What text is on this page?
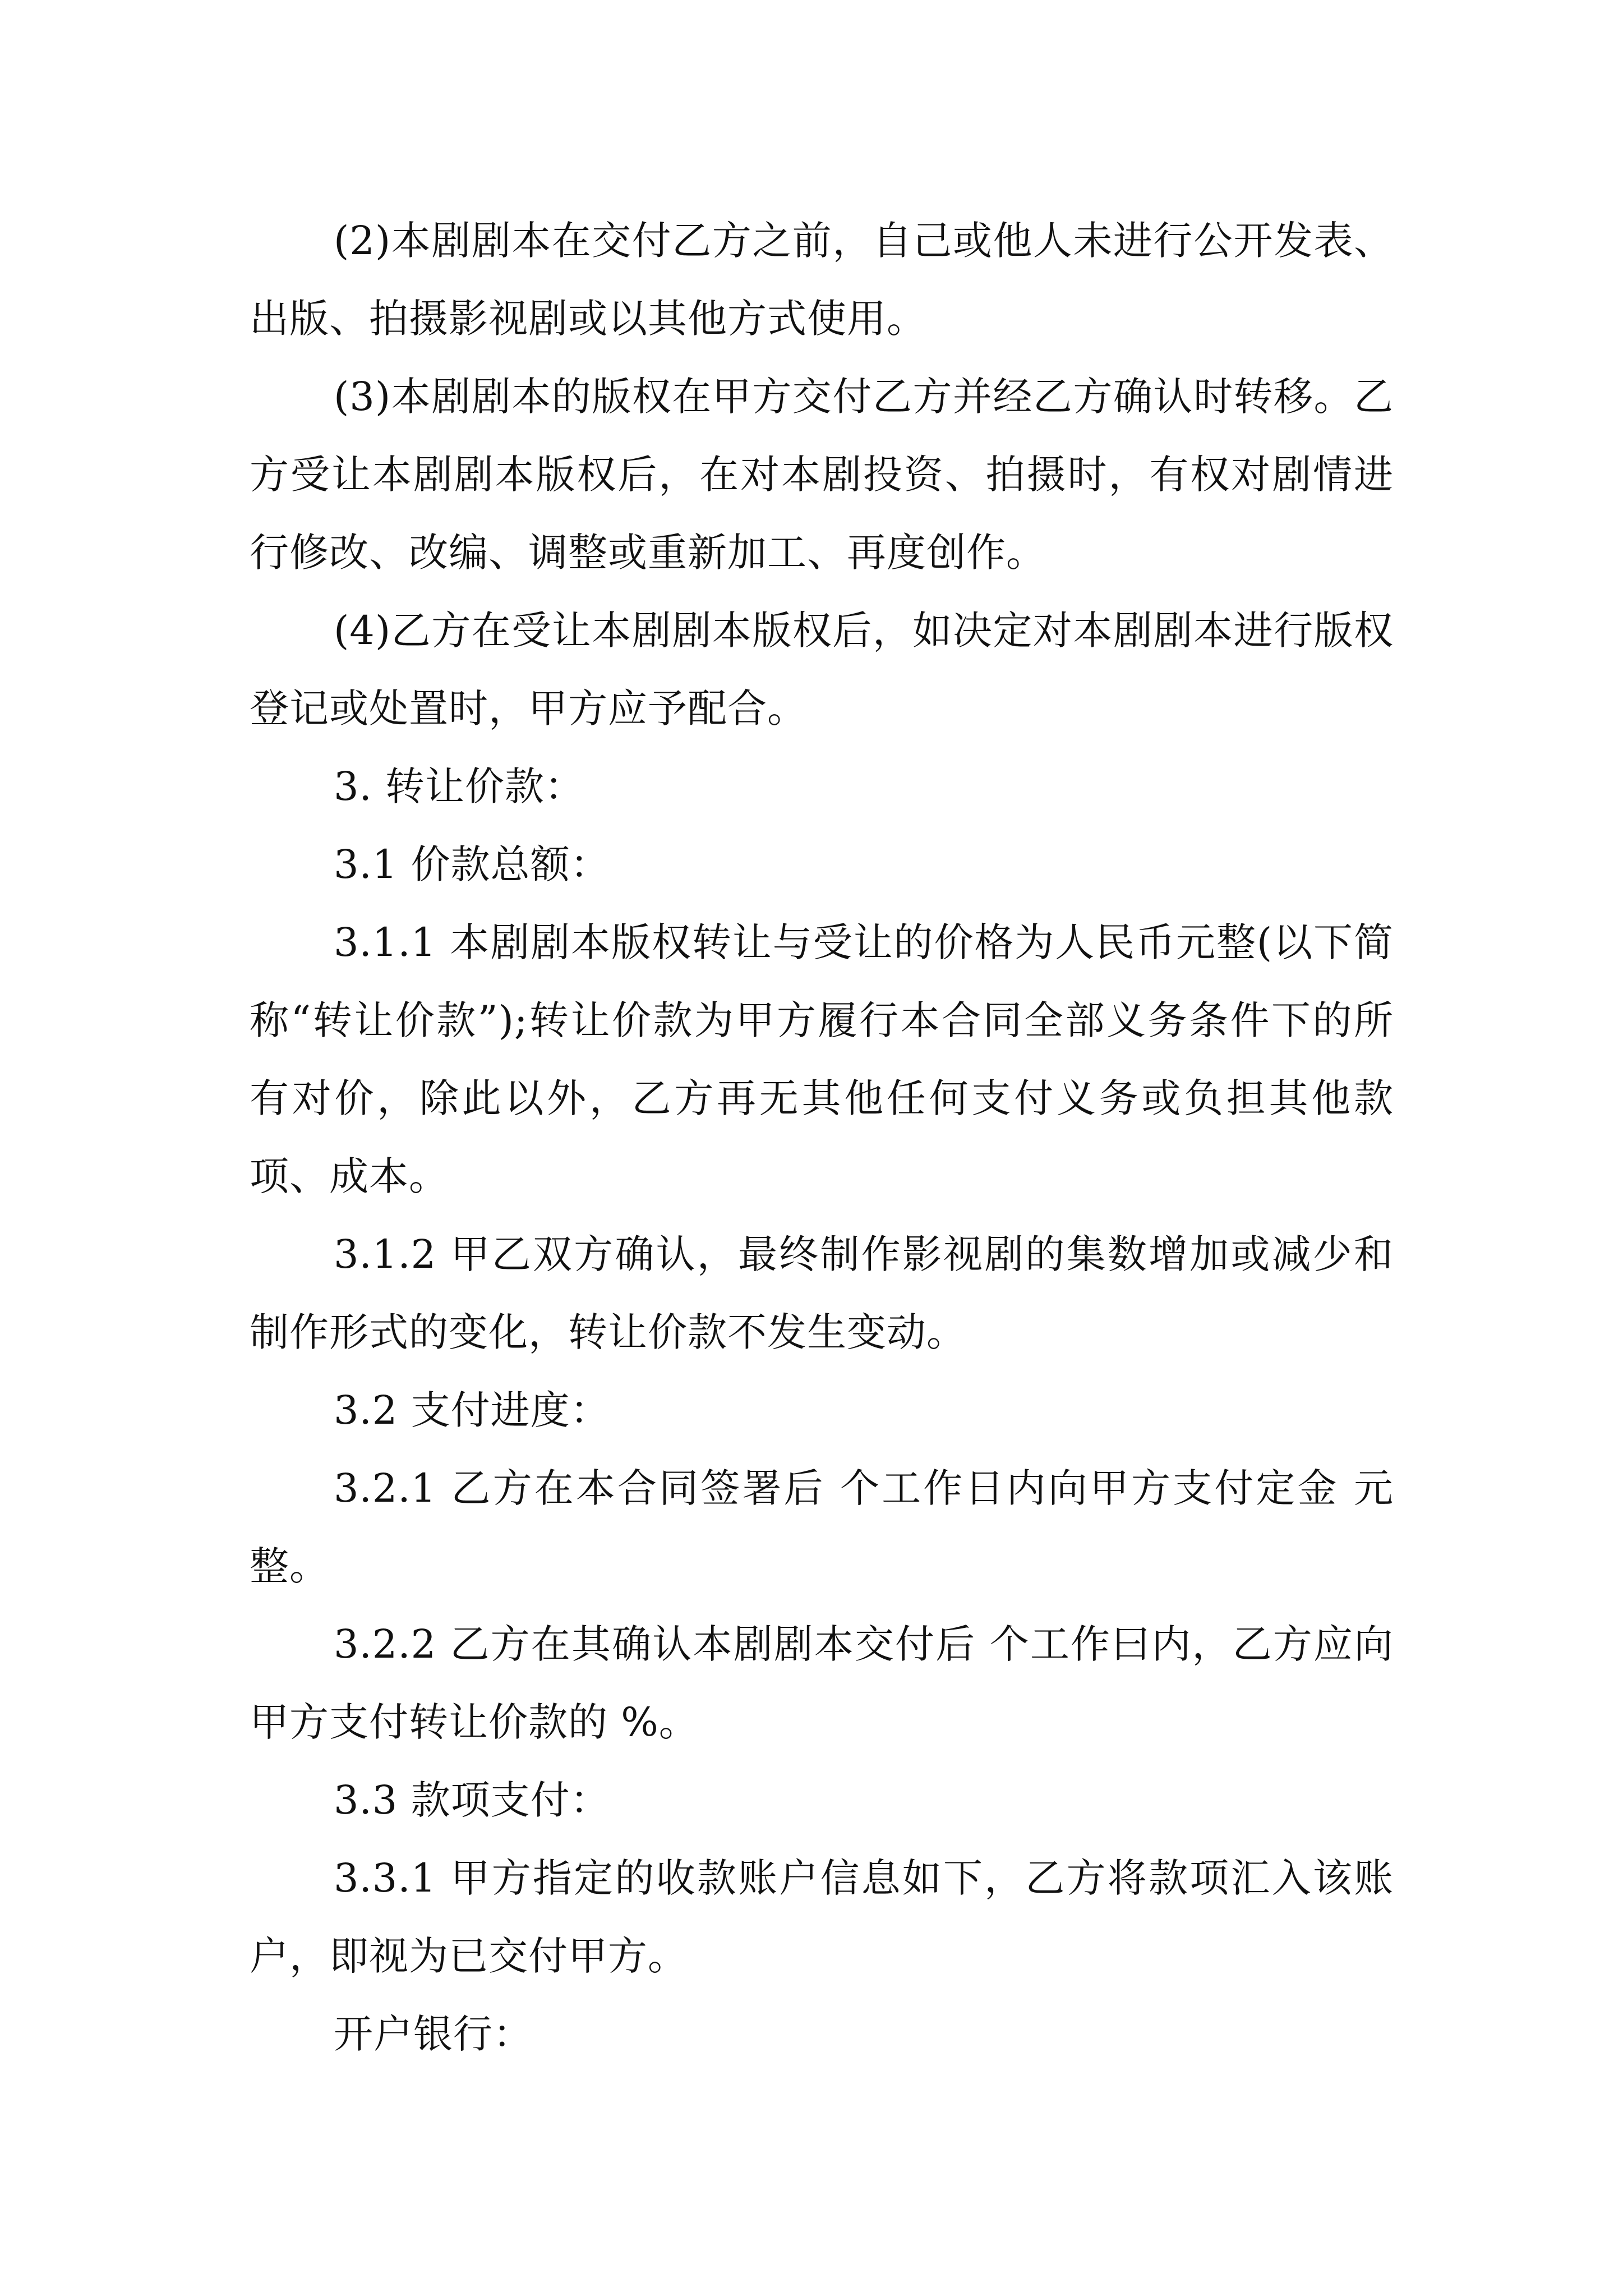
(2)本剧剧本在交付乙方之前，自己或他人未进行公开发表、出版、拍摄影视剧或以其他方式使用。

(3)本剧剧本的版权在甲方交付乙方并经乙方确认时转移。乙方受让本剧剧本版权后，在对本剧投资、拍摄时，有权对剧情进行修改、改编、调整或重新加工、再度创作。

(4)乙方在受让本剧剧本版权后，如决定对本剧剧本进行版权登记或处置时，甲方应予配合。

3. 转让价款：

3.1 价款总额：

3.1.1 本剧剧本版权转让与受让的价格为人民币元整(以下简称“转让价款”);转让价款为甲方履行本合同全部义务条件下的所有对价，除此以外，乙方再无其他任何支付义务或负担其他款项、成本。

3.1.2 甲乙双方确认，最终制作影视剧的集数增加或减少和制作形式的变化，转让价款不发生变动。

3.2 支付进度：

3.2.1 乙方在本合同签署后 个工作日内向甲方支付定金 元整。

3.2.2 乙方在其确认本剧剧本交付后 个工作曰内，乙方应向甲方支付转让价款的 %。

3.3 款项支付：

3.3.1 甲方指定的收款账户信息如下，乙方将款项汇入该账户，即视为已交付甲方。

开户银行：
